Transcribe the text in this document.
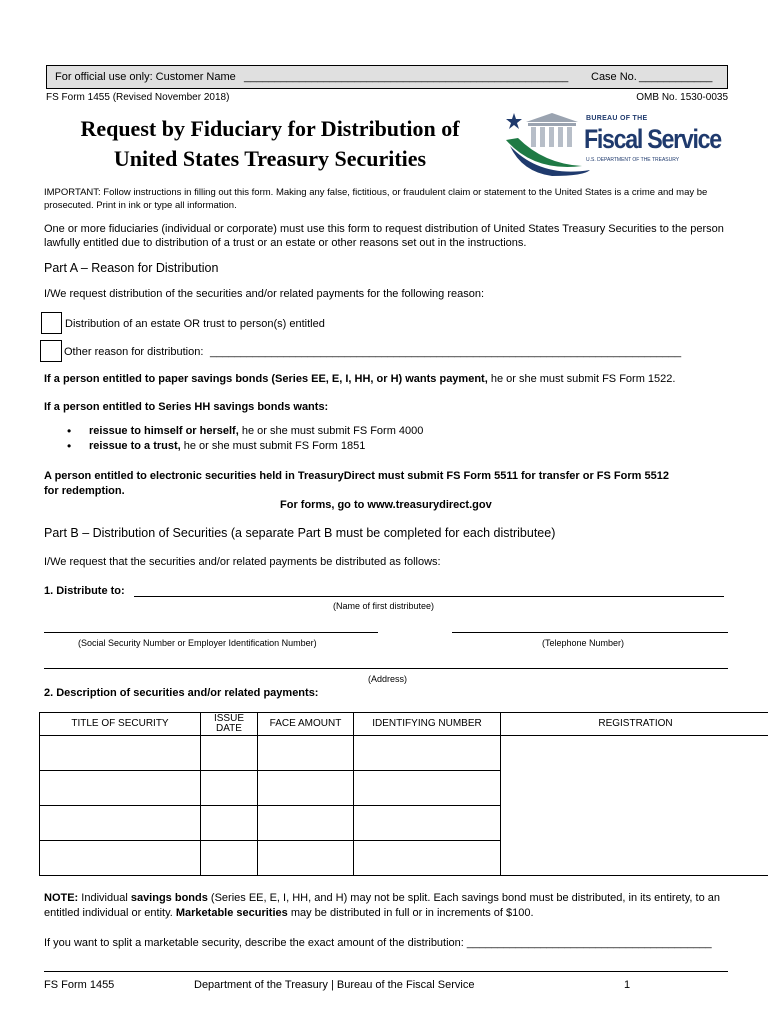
For official use only: Customer Name _____________________________________________________ Case No. ____________
FS Form 1455 (Revised November 2018)	OMB No. 1530-0035
Request by Fiduciary for Distribution of
United States Treasury Securities
BUREAU OF THE
Fiscal Service
U.S. DEPARTMENT OF THE TREASURY
IMPORTANT: Follow instructions in filling out this form. Making any false, fictitious, or fraudulent claim or statement to the United States is a crime and may be prosecuted. Print in ink or type all information.
One or more fiduciaries (individual or corporate) must use this form to request distribution of United States Treasury Securities to the person lawfully entitled due to distribution of a trust or an estate or other reasons set out in the instructions.
Part A – Reason for Distribution
I/We request distribution of the securities and/or related payments for the following reason:
Distribution of an estate OR trust to person(s) entitled
Other reason for distribution: _____________________________________________________________________________
If a person entitled to paper savings bonds (Series EE, E, I, HH, or H) wants payment, he or she must submit FS Form 1522.
If a person entitled to Series HH savings bonds wants:
• reissue to himself or herself, he or she must submit FS Form 4000
• reissue to a trust, he or she must submit FS Form 1851
A person entitled to electronic securities held in TreasuryDirect must submit FS Form 5511 for transfer or FS Form 5512
for redemption.
For forms, go to www.treasurydirect.gov
Part B – Distribution of Securities (a separate Part B must be completed for each distributee)
I/We request that the securities and/or related payments be distributed as follows:
1. Distribute to:
(Name of first distributee)
(Social Security Number or Employer Identification Number)	(Telephone Number)
(Address)
2. Description of securities and/or related payments:
TITLE OF SECURITY	ISSUE DATE	FACE AMOUNT	IDENTIFYING NUMBER	REGISTRATION

NOTE: Individual savings bonds (Series EE, E, I, HH, and H) may not be split. Each savings bond must be distributed, in its entirety, to an entitled individual or entity. Marketable securities may be distributed in full or in increments of $100.
If you want to split a marketable security, describe the exact amount of the distribution: ________________________________________
FS Form 1455	Department of the Treasury | Bureau of the Fiscal Service	1
